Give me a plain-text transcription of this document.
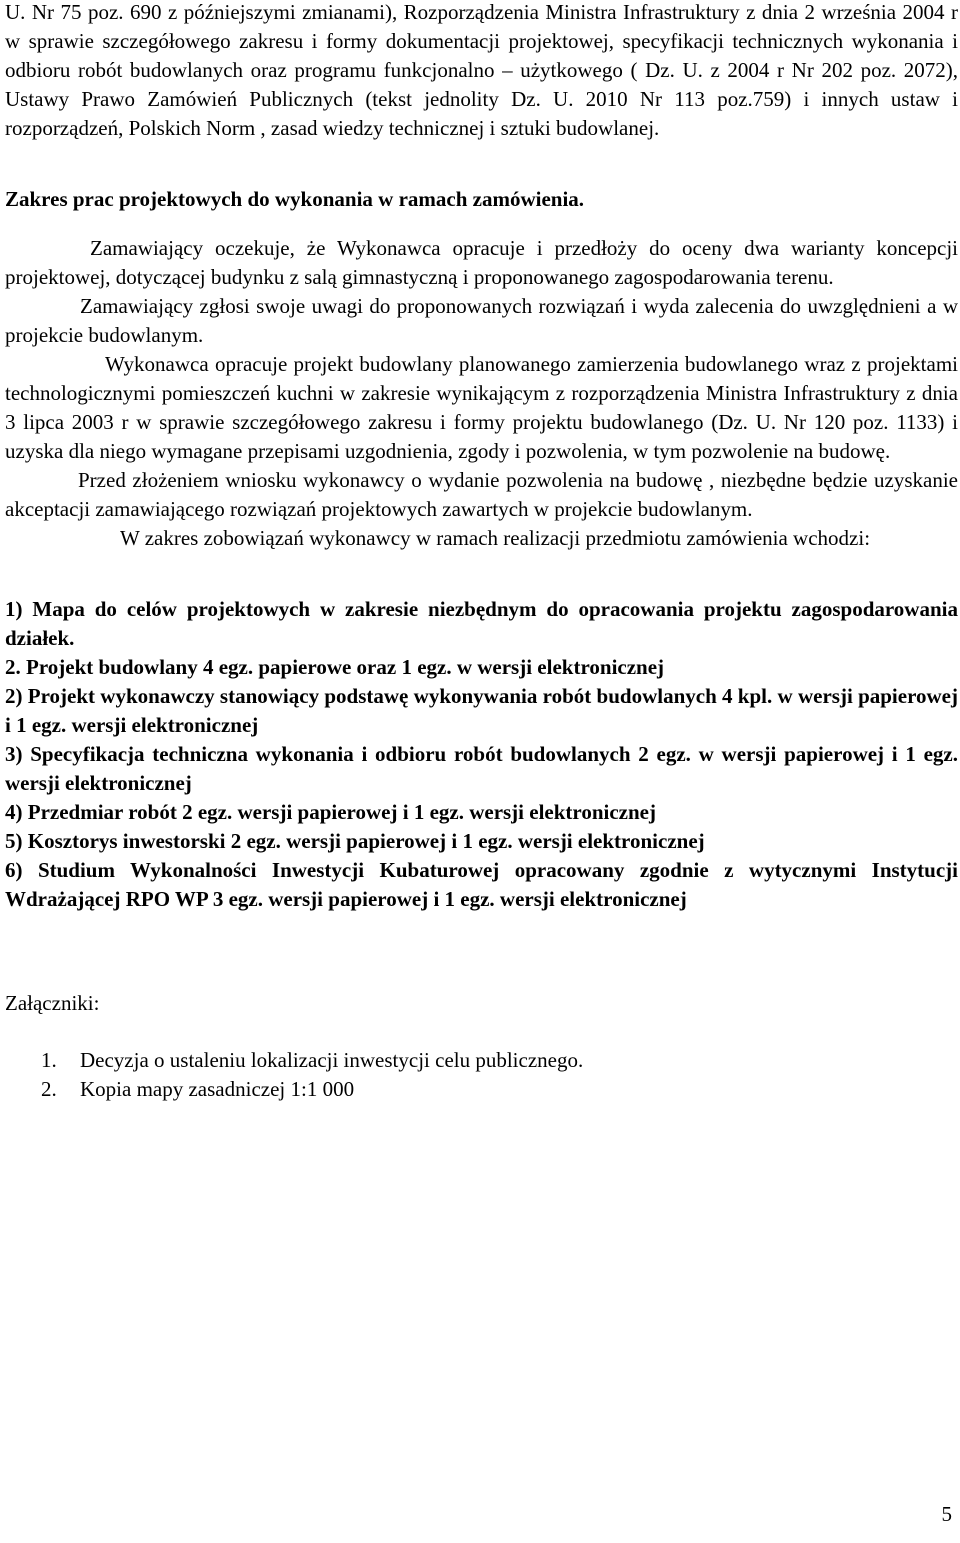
U. Nr 75 poz. 690 z późniejszymi zmianami), Rozporządzenia Ministra Infrastruktury z dnia 2 września 2004 r w sprawie szczegółowego zakresu i formy dokumentacji projektowej, specyfikacji technicznych wykonania i odbioru robót budowlanych oraz programu funkcjonalno – użytkowego ( Dz. U. z 2004 r Nr 202 poz. 2072), Ustawy Prawo Zamówień Publicznych (tekst jednolity Dz. U. 2010 Nr 113 poz.759) i innych ustaw i rozporządzeń, Polskich Norm , zasad wiedzy technicznej i sztuki budowlanej.

Zakres prac projektowych do wykonania w ramach zamówienia.

Zamawiający oczekuje, że Wykonawca opracuje i przedłoży do oceny dwa warianty koncepcji projektowej, dotyczącej budynku z salą gimnastyczną i proponowanego zagospodarowania terenu.

Zamawiający zgłosi swoje uwagi do proponowanych rozwiązań i wyda zalecenia do uwzględnieni a w projekcie budowlanym.

Wykonawca opracuje projekt budowlany planowanego zamierzenia budowlanego wraz z projektami technologicznymi pomieszczeń kuchni w zakresie wynikającym z rozporządzenia Ministra Infrastruktury z dnia 3 lipca 2003 r w sprawie szczegółowego zakresu i formy projektu budowlanego (Dz. U. Nr 120 poz. 1133) i uzyska dla niego wymagane przepisami uzgodnienia, zgody i pozwolenia, w tym pozwolenie na budowę.

Przed złożeniem wniosku wykonawcy o wydanie pozwolenia na budowę , niezbędne będzie uzyskanie akceptacji zamawiającego rozwiązań projektowych zawartych w projekcie budowlanym.

W zakres zobowiązań wykonawcy w ramach realizacji przedmiotu zamówienia wchodzi:

1) Mapa do celów projektowych w zakresie niezbędnym do opracowania projektu zagospodarowania działek.

2. Projekt budowlany 4 egz. papierowe oraz 1 egz. w wersji elektronicznej

2) Projekt wykonawczy stanowiący podstawę wykonywania robót budowlanych 4 kpl. w wersji papierowej i 1 egz. wersji elektronicznej

3) Specyfikacja techniczna wykonania i odbioru robót budowlanych 2 egz. w wersji papierowej i 1 egz. wersji elektronicznej

4) Przedmiar robót 2 egz. wersji papierowej i 1 egz. wersji elektronicznej

5) Kosztorys inwestorski 2 egz. wersji papierowej i 1 egz. wersji elektronicznej

6) Studium Wykonalności Inwestycji Kubaturowej opracowany zgodnie z wytycznymi Instytucji Wdrażającej RPO WP 3 egz. wersji papierowej i 1 egz. wersji elektronicznej

Załączniki:

1. Decyzja o ustaleniu lokalizacji inwestycji celu publicznego.
2. Kopia mapy zasadniczej 1:1 000
5
